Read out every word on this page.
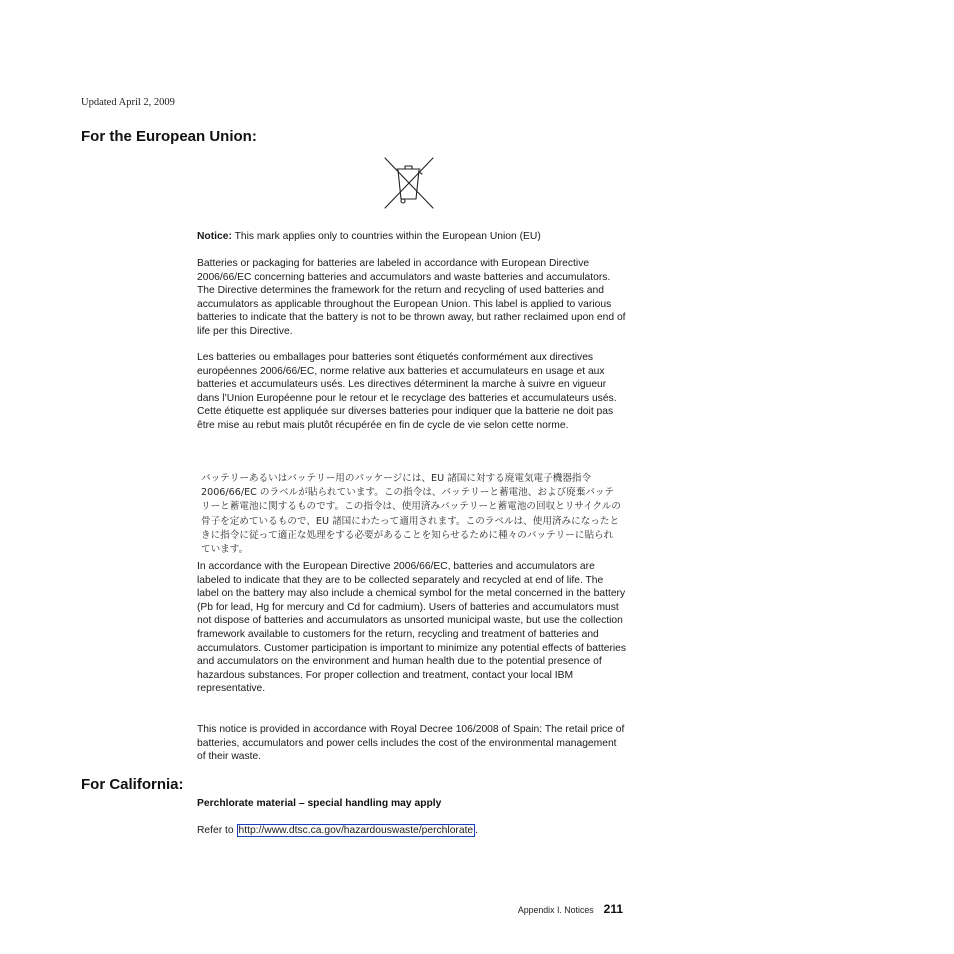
Updated April 2, 2009

For the European Union:

Notice: This mark applies only to countries within the European Union (EU)

Batteries or packaging for batteries are labeled in accordance with European Directive 2006/66/EC concerning batteries and accumulators and waste batteries and accumulators. The Directive determines the framework for the return and recycling of used batteries and accumulators as applicable throughout the European Union. This label is applied to various batteries to indicate that the battery is not to be thrown away, but rather reclaimed upon end of life per this Directive.

Les batteries ou emballages pour batteries sont étiquetés conformément aux directives européennes 2006/66/EC, norme relative aux batteries et accumulateurs en usage et aux batteries et accumulateurs usés. Les directives déterminent la marche à suivre en vigueur dans l’Union Européenne pour le retour et le recyclage des batteries et accumulateurs usés. Cette étiquette est appliquée sur diverses batteries pour indiquer que la batterie ne doit pas être mise au rebut mais plutôt récupérée en fin de cycle de vie selon cette norme.

バッテリーあるいはバッテリー用のパッケージには、EU 諸国に対する廃電気電子機器指令 2006/66/EC のラベルが貼られています。この指令は、バッテリーと蓄電池、および廃棄バッテリーと蓄電池に関するものです。この指令は、使用済みバッテリーと蓄電池の回収とリサイクルの骨子を定めているもので、EU 諸国にわたって適用されます。このラベルは、使用済みになったときに指令に従って適正な処理をする必要があることを知らせるために種々のバッテリーに貼られています。

In accordance with the European Directive 2006/66/EC, batteries and accumulators are labeled to indicate that they are to be collected separately and recycled at end of life. The label on the battery may also include a chemical symbol for the metal concerned in the battery (Pb for lead, Hg for mercury and Cd for cadmium). Users of batteries and accumulators must not dispose of batteries and accumulators as unsorted municipal waste, but use the collection framework available to customers for the return, recycling and treatment of batteries and accumulators. Customer participation is important to minimize any potential effects of batteries and accumulators on the environment and human health due to the potential presence of hazardous substances. For proper collection and treatment, contact your local IBM representative.

This notice is provided in accordance with Royal Decree 106/2008 of Spain: The retail price of batteries, accumulators and power cells includes the cost of the environmental management of their waste.

For California:

Perchlorate material – special handling may apply

Refer to http://www.dtsc.ca.gov/hazardouswaste/perchlorate .

Appendix I. Notices 211
